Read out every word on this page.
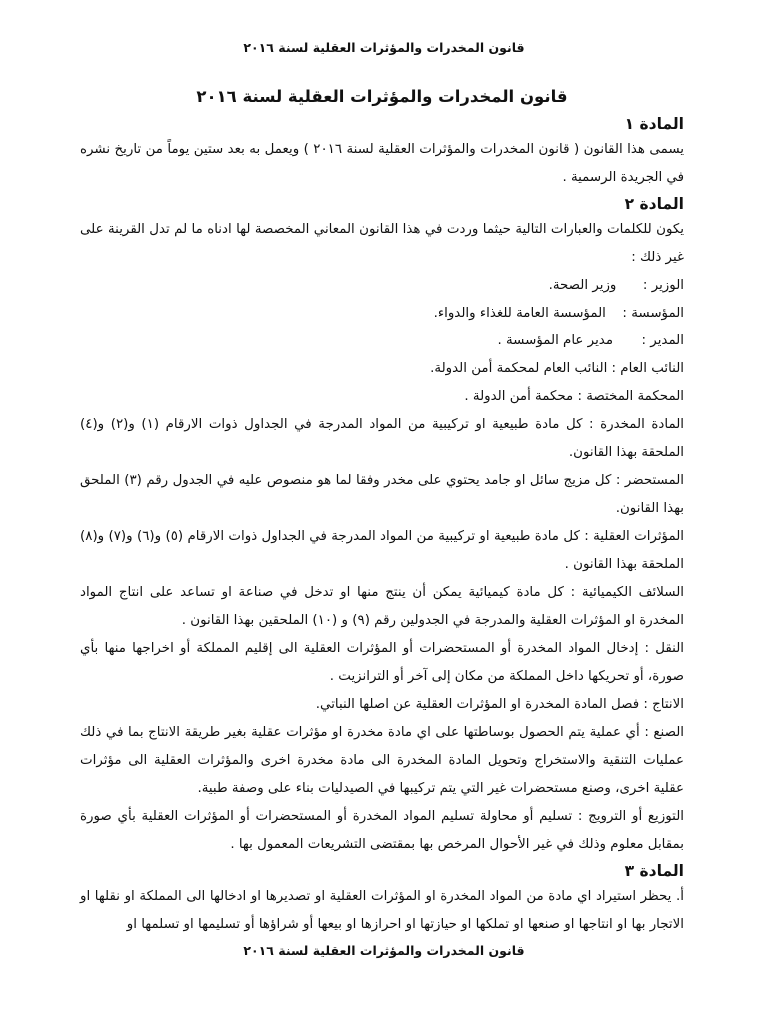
قانون المخدرات والمؤثرات العقلية لسنة ٢٠١٦
قانون المخدرات والمؤثرات العقلية لسنة ٢٠١٦
المادة ١

يسمى هذا القانون ( قانون المخدرات والمؤثرات العقلية لسنة ٢٠١٦ ) ويعمل به بعد ستين يوماً من تاريخ نشره في الجريدة الرسمية .

المادة ٢

يكون للكلمات والعبارات التالية حيثما وردت في هذا القانون المعاني المخصصة لها ادناه ما لم تدل القرينة على غير ذلك :

الوزير :  وزير الصحة.
المؤسسة :  المؤسسة العامة للغذاء والدواء.
المدير :  مدير عام المؤسسة .

النائب العام : النائب العام لمحكمة أمن الدولة.

المحكمة المختصة : محكمة أمن الدولة .

المادة المخدرة : كل مادة طبيعية او تركيبية من المواد المدرجة في الجداول ذوات الارقام (١) و(٢) و(٤) الملحقة بهذا القانون.

المستحضر : كل مزيج سائل او جامد يحتوي على مخدر وفقا لما هو منصوص عليه في الجدول رقم (٣) الملحق بهذا القانون.

المؤثرات العقلية : كل مادة طبيعية او تركيبية من المواد المدرجة في الجداول ذوات الارقام (٥) و(٦) و(٧) و(٨) الملحقة بهذا القانون .

السلائف الكيميائية : كل مادة كيميائية يمكن أن ينتج منها او تدخل في صناعة او تساعد على انتاج المواد المخدرة او المؤثرات العقلية والمدرجة في الجدولين رقم (٩) و (١٠) الملحقين بهذا القانون .

النقل : إدخال المواد المخدرة أو المستحضرات أو المؤثرات العقلية الى إقليم المملكة أو اخراجها منها بأي صورة، أو تحريكها داخل المملكة من مكان إلى آخر أو الترانزيت .

الانتاج : فصل المادة المخدرة او المؤثرات العقلية عن اصلها النباتي.

الصنع : أي عملية يتم الحصول بوساطتها على اي مادة مخدرة او مؤثرات عقلية بغير طريقة الانتاج بما في ذلك عمليات التنقية والاستخراج وتحويل المادة المخدرة الى مادة مخدرة اخرى والمؤثرات العقلية الى مؤثرات عقلية اخرى، وصنع مستحضرات غير التي يتم تركيبها في الصيدليات بناء على وصفة طبية.

التوزيع أو الترويج : تسليم أو محاولة تسليم المواد المخدرة أو المستحضرات أو المؤثرات العقلية بأي صورة بمقابل معلوم وذلك في غير الأحوال المرخص بها بمقتضى التشريعات المعمول بها .

المادة ٣

أ. يحظر استيراد اي مادة من المواد المخدرة او المؤثرات العقلية او تصديرها او ادخالها الى المملكة او نقلها او الاتجار بها او انتاجها او صنعها او تملكها او حيازتها او احرازها او بيعها أو شراؤها أو تسليمها او تسلمها او

قانون المخدرات والمؤثرات العقلية لسنة ٢٠١٦
